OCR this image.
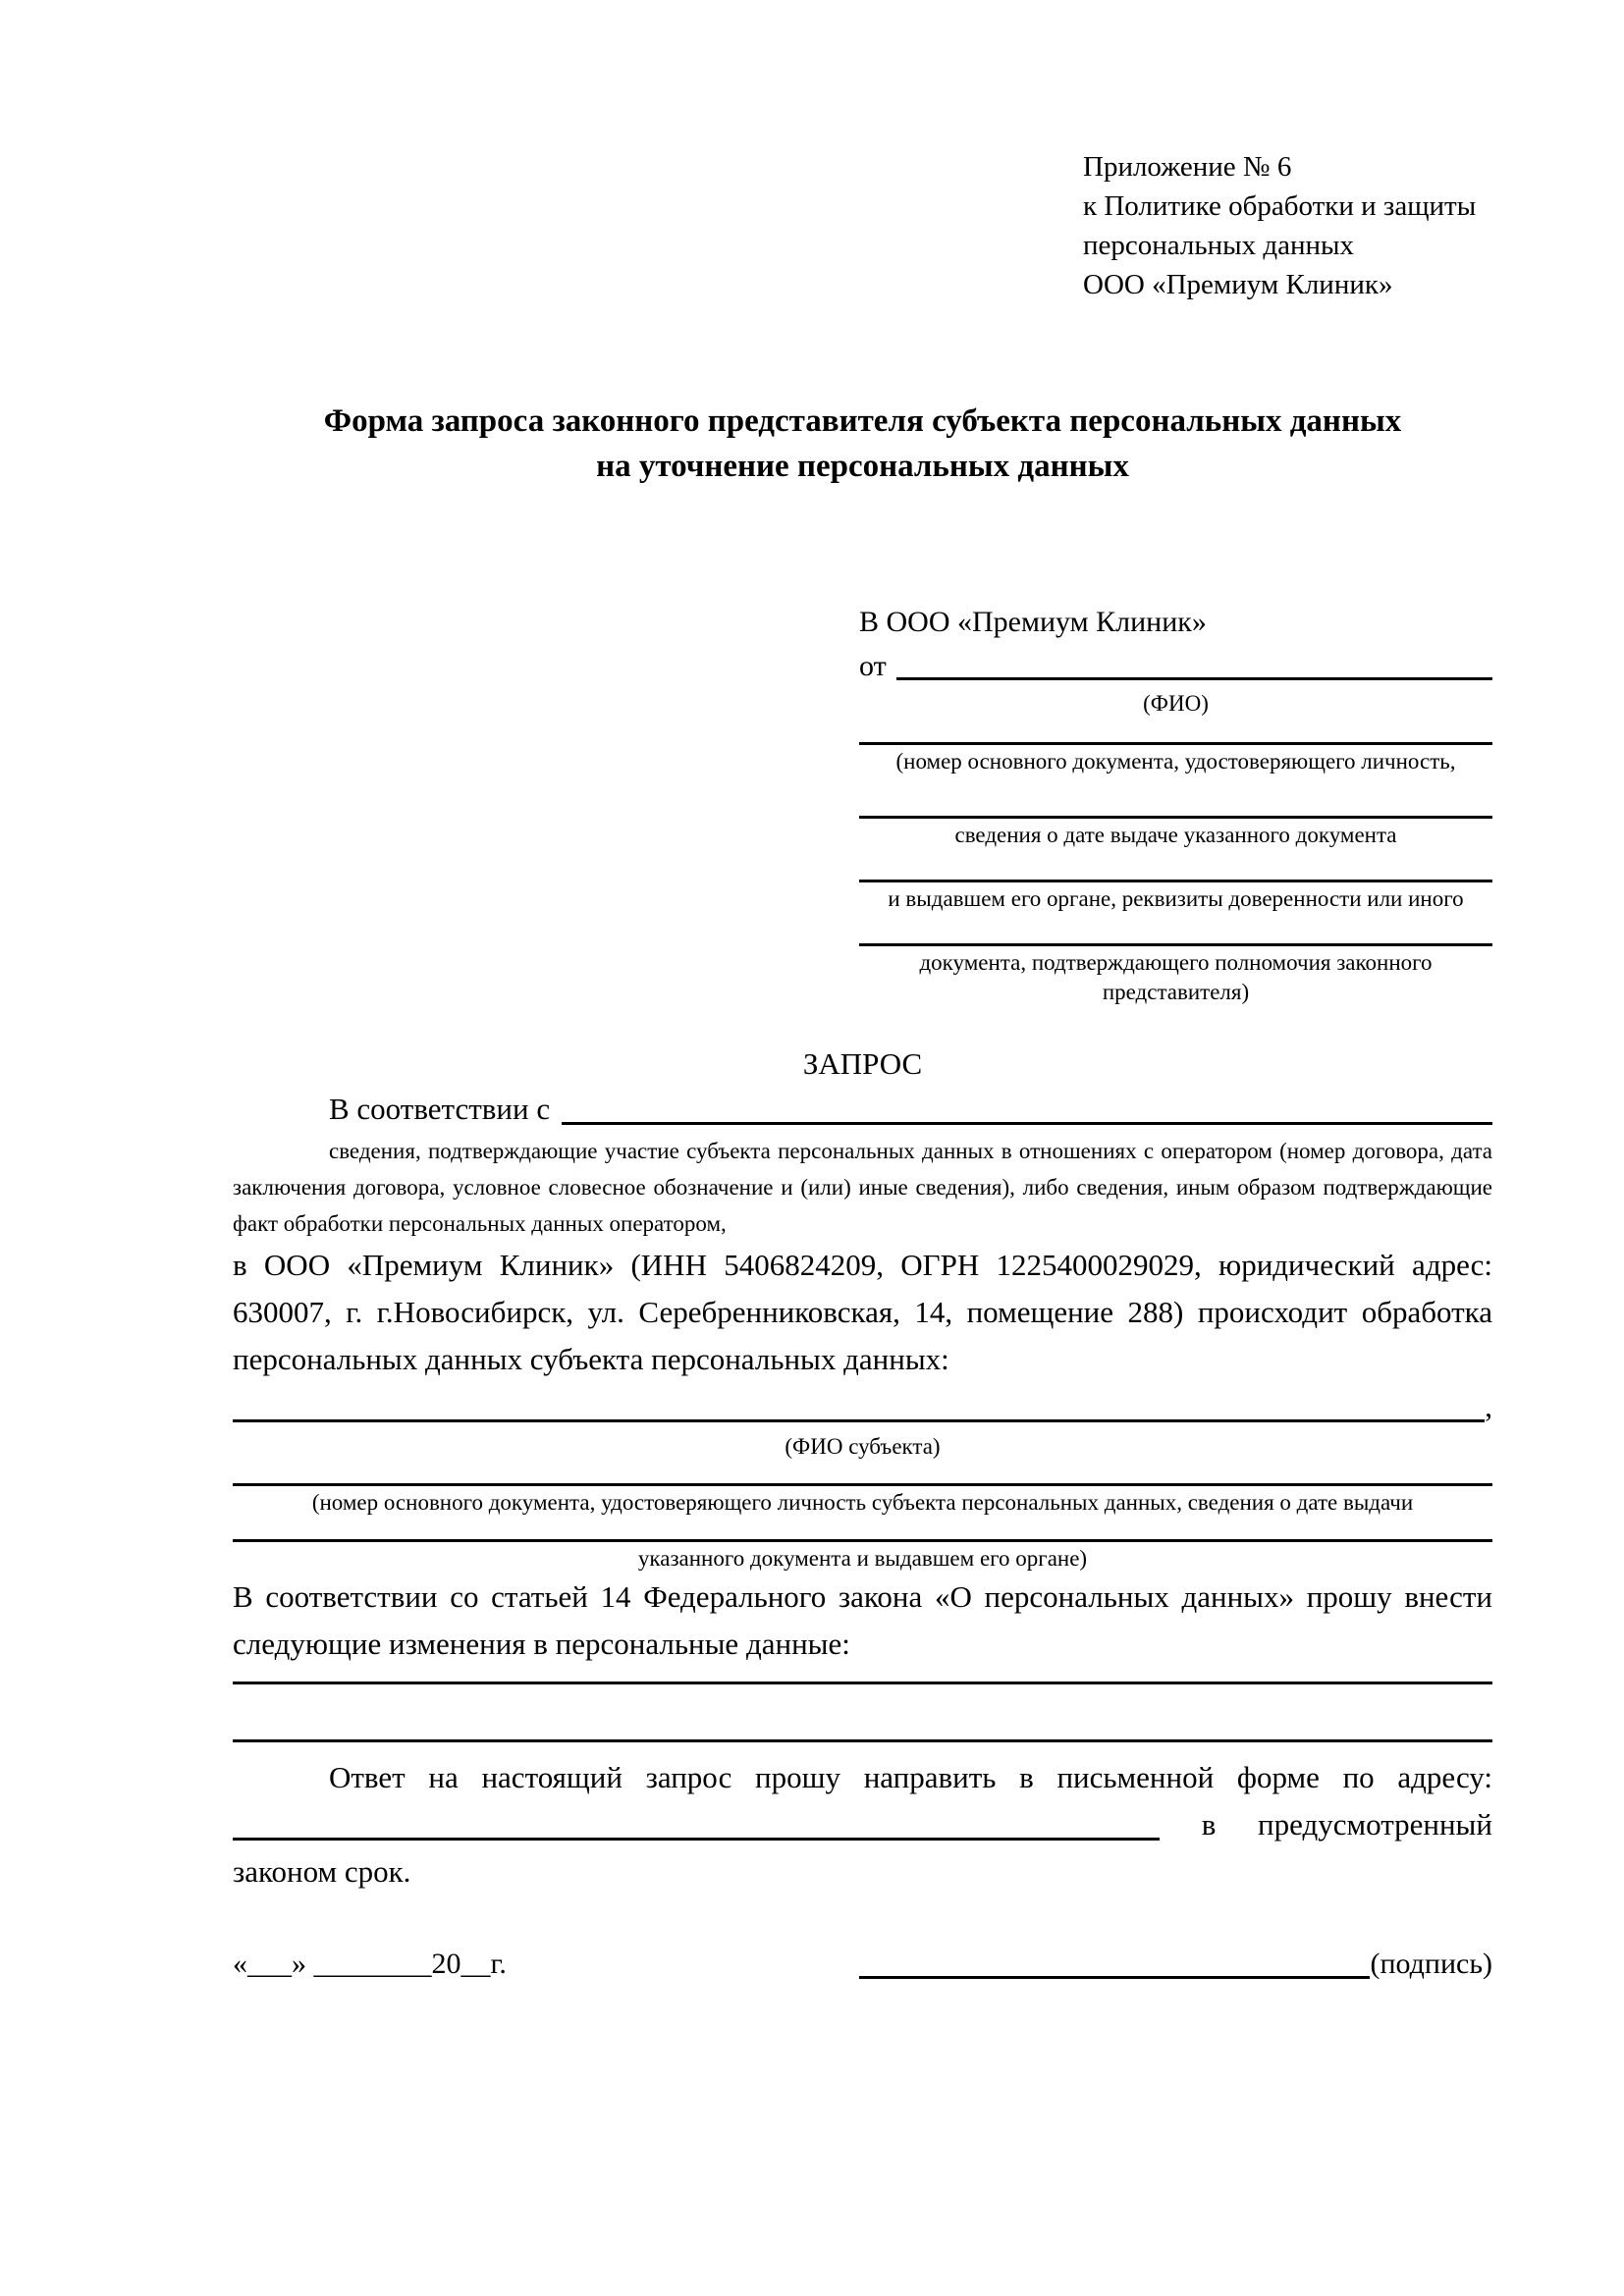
Приложение № 6
к Политике обработки и защиты
персональных данных
ООО «Премиум Клиник»
Форма запроса законного представителя субъекта персональных данных
на уточнение персональных данных
В ООО «Премиум Клиник»
от
(ФИО)
(номер основного документа, удостоверяющего личность,
сведения о дате выдаче указанного документа
и выдавшем его органе, реквизиты доверенности или иного
документа, подтверждающего полномочия законного представителя)
ЗАПРОС
В соответствии с
сведения, подтверждающие участие субъекта персональных данных в отношениях с оператором (номер договора, дата заключения договора, условное словесное обозначение и (или) иные сведения), либо сведения, иным образом подтверждающие факт обработки персональных данных оператором,

в ООО «Премиум Клиник» (ИНН 5406824209, ОГРН 1225400029029, юридический адрес: 630007, г. г.Новосибирск, ул. Серебренниковская, 14, помещение 288) происходит обработка персональных данных субъекта персональных данных:

,
(ФИО субъекта)
(номер основного документа, удостоверяющего личность субъекта персональных данных, сведения о дате выдачи
указанного документа и выдавшем его органе)

В соответствии со статьей 14 Федерального закона «О персональных данных» прошу внести следующие изменения в персональные данные:

Ответ на настоящий запрос прошу направить в письменной форме по адресу:

в предусмотренный

законом срок.

«___» ________20__г.	(подпись)
